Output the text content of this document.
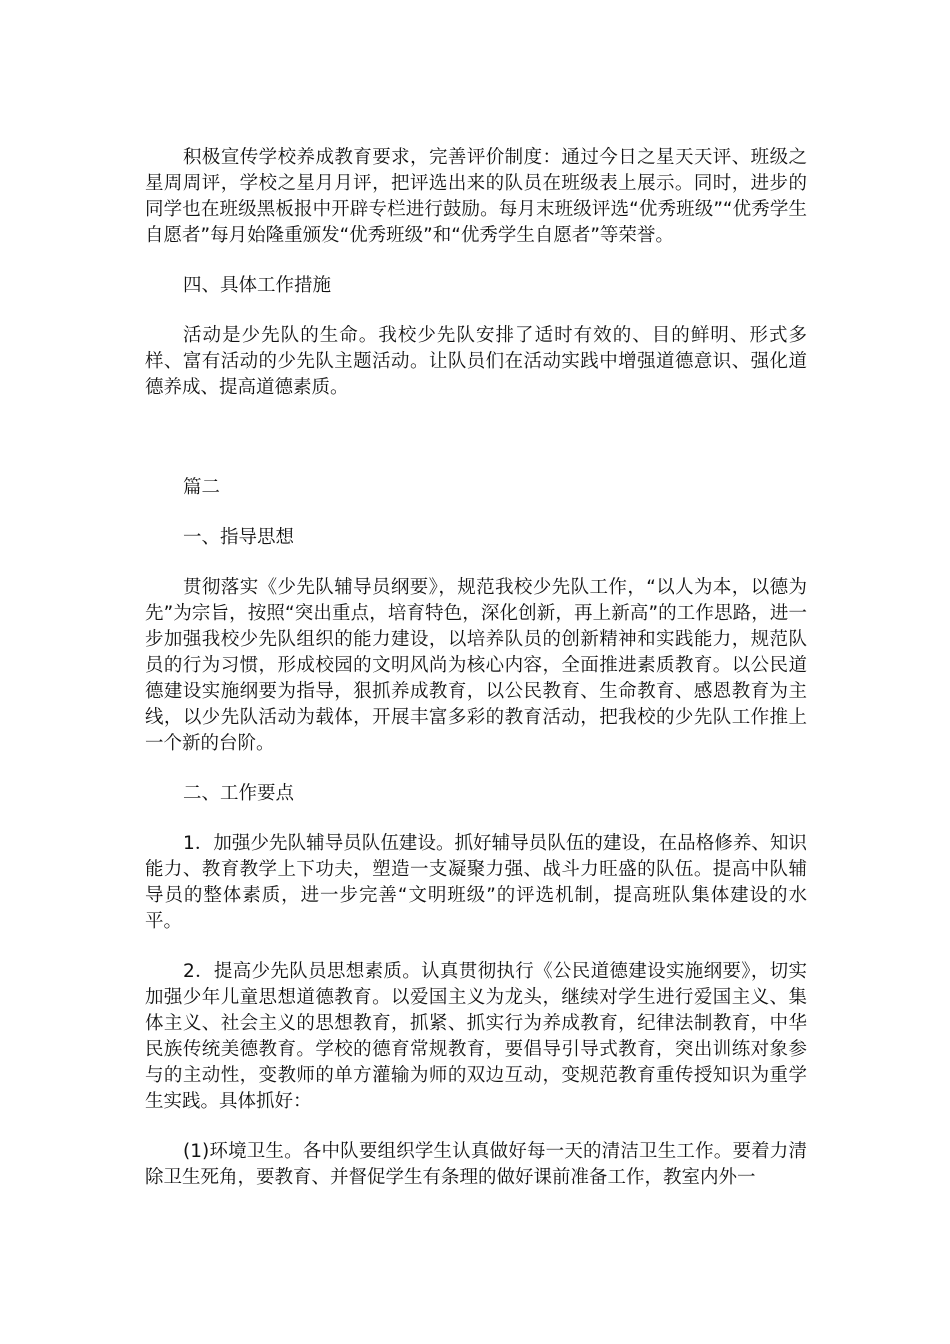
积极宣传学校养成教育要求，完善评价制度：通过今日之星天天评、班级之星周周评，学校之星月月评，把评选出来的队员在班级表上展示。同时，进步的同学也在班级黑板报中开辟专栏进行鼓励。每月末班级评选“优秀班级”“优秀学生自愿者”每月始隆重颁发“优秀班级”和“优秀学生自愿者”等荣誉。

四、具体工作措施

活动是少先队的生命。我校少先队安排了适时有效的、目的鲜明、形式多样、富有活动的少先队主题活动。让队员们在活动实践中增强道德意识、强化道德养成、提高道德素质。

篇二

一、指导思想

贯彻落实《少先队辅导员纲要》，规范我校少先队工作，“以人为本，以德为先”为宗旨，按照“突出重点，培育特色，深化创新，再上新高”的工作思路，进一步加强我校少先队组织的能力建设，以培养队员的创新精神和实践能力，规范队员的行为习惯，形成校园的文明风尚为核心内容，全面推进素质教育。以公民道德建设实施纲要为指导，狠抓养成教育，以公民教育、生命教育、感恩教育为主线，以少先队活动为载体，开展丰富多彩的教育活动，把我校的少先队工作推上一个新的台阶。

二、工作要点

1．加强少先队辅导员队伍建设。抓好辅导员队伍的建设，在品格修养、知识能力、教育教学上下功夫，塑造一支凝聚力强、战斗力旺盛的队伍。提高中队辅导员的整体素质，进一步完善“文明班级”的评选机制，提高班队集体建设的水平。

2．提高少先队员思想素质。认真贯彻执行《公民道德建设实施纲要》，切实加强少年儿童思想道德教育。以爱国主义为龙头，继续对学生进行爱国主义、集体主义、社会主义的思想教育，抓紧、抓实行为养成教育，纪律法制教育，中华民族传统美德教育。学校的德育常规教育，要倡导引导式教育，突出训练对象参与的主动性，变教师的单方灌输为师的双边互动，变规范教育重传授知识为重学生实践。具体抓好：

(1)环境卫生。各中队要组织学生认真做好每一天的清洁卫生工作。要着力清除卫生死角，要教育、并督促学生有条理的做好课前准备工作，教室内外一
